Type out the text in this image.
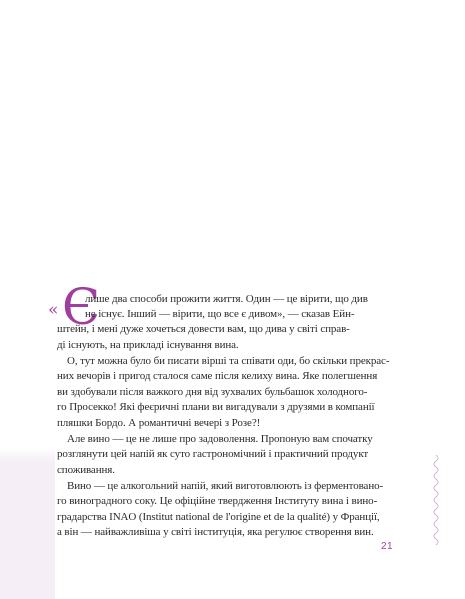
« Є
лише два способи прожити життя. Один — це вірити, що див
не існує. Інший — вірити, що все є дивом», — сказав Ейн-
штейн, і мені дуже хочеться довести вам, що дива у світі справ-
ді існують, на прикладі існування вина.
О, тут можна було би писати вірші та співати оди, бо скільки прекрас-
них вечорів і пригод сталося саме після келиху вина. Яке полегшення
ви здобували після важкого дня від зухвалих бульбашок холодного-
го Просекко! Які феєричні плани ви вигадували з друзями в компанії
пляшки Бордо. А романтичні вечері з Розе?!
Але вино — це не лише про задоволення. Пропоную вам спочатку
розглянути цей напій як суто гастрономічний і практичний продукт
споживання.
Вино — це алкогольний напій, який виготовлюють із ферментовано-
го виноградного соку. Це офіційне твердження Інституту вина і вино-
градарства INAO (Institut national de l'origine et de la qualité) у Франції,
а він — найважливіша у світі інституція, яка регулює створення вин.
21
